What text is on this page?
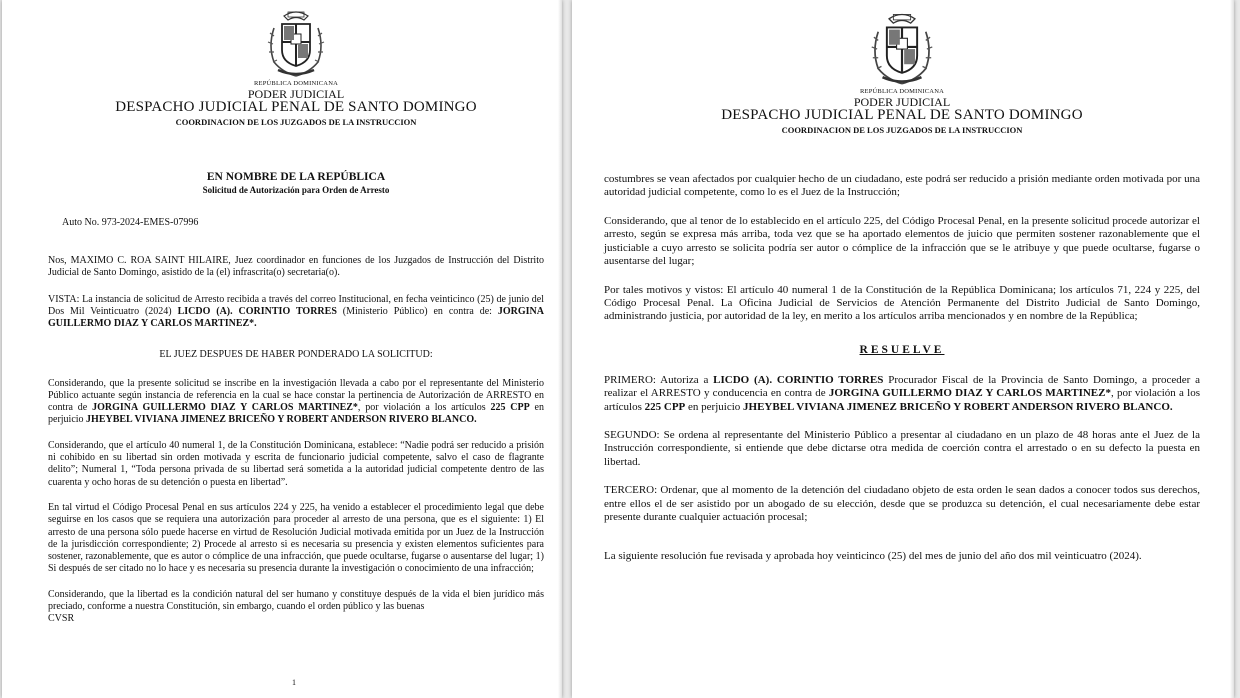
REPÚBLICA DOMINICANA
PODER JUDICIAL
DESPACHO JUDICIAL PENAL DE SANTO DOMINGO
COORDINACION DE LOS JUZGADOS DE LA INSTRUCCION
EN NOMBRE DE LA REPÚBLICA
Solicitud de Autorización para Orden de Arresto
Auto No. 973-2024-EMES-07996

Nos, MAXIMO C. ROA SAINT HILAIRE, Juez coordinador en funciones de los Juzgados de Instrucción del Distrito Judicial de Santo Domingo, asistido de la (el) infrascrita(o) secretaria(o).

VISTA: La instancia de solicitud de Arresto recibida a través del correo Institucional, en fecha veinticinco (25) de junio del Dos Mil Veinticuatro (2024) LICDO (A). CORINTIO TORRES (Ministerio Público) en contra de: JORGINA GUILLERMO DIAZ Y CARLOS MARTINEZ*.

EL JUEZ DESPUES DE HABER PONDERADO LA SOLICITUD:

Considerando, que la presente solicitud se inscribe en la investigación llevada a cabo por el representante del Ministerio Público actuante según instancia de referencia en la cual se hace constar la pertinencia de Autorización de ARRESTO en contra de JORGINA GUILLERMO DIAZ Y CARLOS MARTINEZ*, por violación a los artículos 225 CPP en perjuicio JHEYBEL VIVIANA JIMENEZ BRICEÑO Y ROBERT ANDERSON RIVERO BLANCO.

Considerando, que el artículo 40 numeral 1, de la Constitución Dominicana, establece: “Nadie podrá ser reducido a prisión ni cohibido en su libertad sin orden motivada y escrita de funcionario judicial competente, salvo el caso de flagrante delito”; Numeral 1, “Toda persona privada de su libertad será sometida a la autoridad judicial competente dentro de las cuarenta y ocho horas de su detención o puesta en libertad”.

En tal virtud el Código Procesal Penal en sus artículos 224 y 225, ha venido a establecer el procedimiento legal que debe seguirse en los casos que se requiera una autorización para proceder al arresto de una persona, que es el siguiente: 1) El arresto de una persona sólo puede hacerse en virtud de Resolución Judicial motivada emitida por un Juez de la Instrucción de la jurisdicción correspondiente; 2) Procede al arresto si es necesaria su presencia y existen elementos suficientes para sostener, razonablemente, que es autor o cómplice de una infracción, que puede ocultarse, fugarse o ausentarse del lugar; 1) Si después de ser citado no lo hace y es necesaria su presencia durante la investigación o conocimiento de una infracción;

Considerando, que la libertad es la condición natural del ser humano y constituye después de la vida el bien jurídico más preciado, conforme a nuestra Constitución, sin embargo, cuando el orden público y las buenas

CVSR

1
REPÚBLICA DOMINICANA
PODER JUDICIAL
DESPACHO JUDICIAL PENAL DE SANTO DOMINGO
COORDINACION DE LOS JUZGADOS DE LA INSTRUCCION

costumbres se vean afectados por cualquier hecho de un ciudadano, este podrá ser reducido a prisión mediante orden motivada por una autoridad judicial competente, como lo es el Juez de la Instrucción;

Considerando, que al tenor de lo establecido en el artículo 225, del Código Procesal Penal, en la presente solicitud procede autorizar el arresto, según se expresa más arriba, toda vez que se ha aportado elementos de juicio que permiten sostener razonablemente que el justiciable a cuyo arresto se solicita podría ser autor o cómplice de la infracción que se le atribuye y que puede ocultarse, fugarse o ausentarse del lugar;

Por tales motivos y vistos: El artículo 40 numeral 1 de la Constitución de la República Dominicana; los artículos 71, 224 y 225, del Código Procesal Penal. La Oficina Judicial de Servicios de Atención Permanente del Distrito Judicial de Santo Domingo, administrando justicia, por autoridad de la ley, en merito a los artículos arriba mencionados y en nombre de la República;

RESUELVE

PRIMERO: Autoriza a LICDO (A). CORINTIO TORRES Procurador Fiscal de la Provincia de Santo Domingo, a proceder a realizar el ARRESTO y conducencia en contra de JORGINA GUILLERMO DIAZ Y CARLOS MARTINEZ*, por violación a los artículos 225 CPP en perjuicio JHEYBEL VIVIANA JIMENEZ BRICEÑO Y ROBERT ANDERSON RIVERO BLANCO.

SEGUNDO: Se ordena al representante del Ministerio Público a presentar al ciudadano en un plazo de 48 horas ante el Juez de la Instrucción correspondiente, si entiende que debe dictarse otra medida de coerción contra el arrestado o en su defecto la puesta en libertad.

TERCERO: Ordenar, que al momento de la detención del ciudadano objeto de esta orden le sean dados a conocer todos sus derechos, entre ellos el de ser asistido por un abogado de su elección, desde que se produzca su detención, el cual necesariamente debe estar presente durante cualquier actuación procesal;

La siguiente resolución fue revisada y aprobada hoy veinticinco (25) del mes de junio del año dos mil veinticuatro (2024).
